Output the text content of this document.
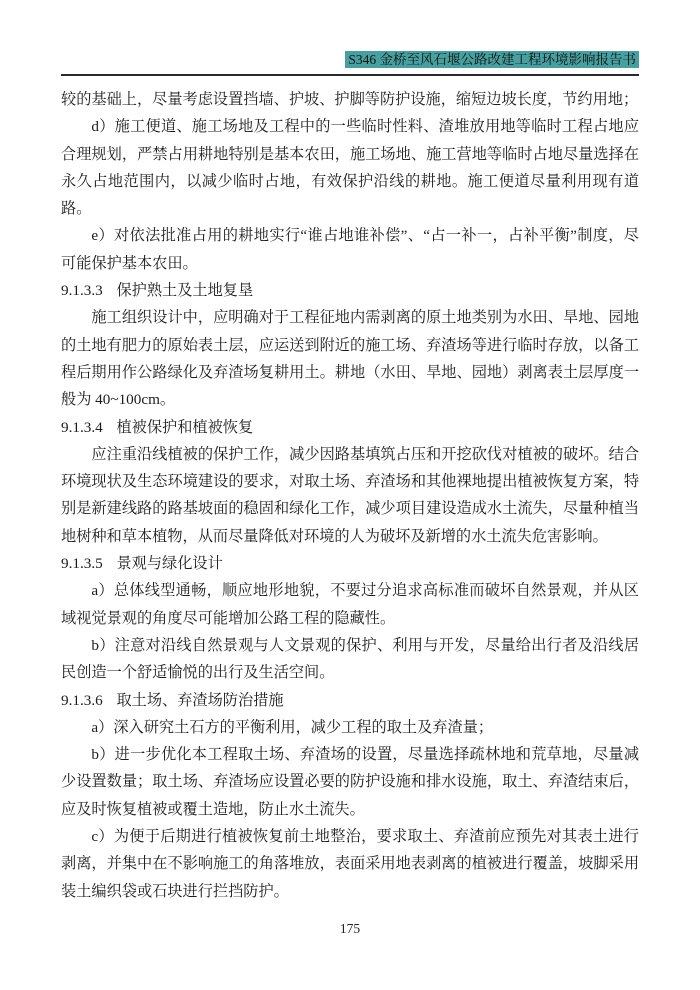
S346 金桥至风石堰公路改建工程环境影响报告书

较的基础上，尽量考虑设置挡墙、护坡、护脚等防护设施，缩短边坡长度，节约用地；

d）施工便道、施工场地及工程中的一些临时性料、渣堆放用地等临时工程占地应合理规划，严禁占用耕地特别是基本农田，施工场地、施工营地等临时占地尽量选择在永久占地范围内，以减少临时占地，有效保护沿线的耕地。施工便道尽量利用现有道路。

e）对依法批准占用的耕地实行“谁占地谁补偿”、“占一补一，占补平衡”制度，尽可能保护基本农田。

9.1.3.3 保护熟土及土地复垦

施工组织设计中，应明确对于工程征地内需剥离的原土地类别为水田、旱地、园地的土地有肥力的原始表土层，应运送到附近的施工场、弃渣场等进行临时存放，以备工程后期用作公路绿化及弃渣场复耕用土。耕地（水田、旱地、园地）剥离表土层厚度一般为 40~100cm。

9.1.3.4 植被保护和植被恢复

应注重沿线植被的保护工作，减少因路基填筑占压和开挖砍伐对植被的破坏。结合环境现状及生态环境建设的要求，对取土场、弃渣场和其他裸地提出植被恢复方案，特别是新建线路的路基坡面的稳固和绿化工作，减少项目建设造成水土流失，尽量种植当地树种和草本植物，从而尽量降低对环境的人为破坏及新增的水土流失危害影响。

9.1.3.5 景观与绿化设计

a）总体线型通畅，顺应地形地貌，不要过分追求高标准而破坏自然景观，并从区域视觉景观的角度尽可能增加公路工程的隐藏性。

b）注意对沿线自然景观与人文景观的保护、利用与开发，尽量给出行者及沿线居民创造一个舒适愉悦的出行及生活空间。

9.1.3.6 取土场、弃渣场防治措施

a）深入研究土石方的平衡利用，减少工程的取土及弃渣量；

b）进一步优化本工程取土场、弃渣场的设置，尽量选择疏林地和荒草地，尽量减少设置数量；取土场、弃渣场应设置必要的防护设施和排水设施，取土、弃渣结束后，应及时恢复植被或覆土造地，防止水土流失。

c）为便于后期进行植被恢复前土地整治，要求取土、弃渣前应预先对其表土进行剥离，并集中在不影响施工的角落堆放，表面采用地表剥离的植被进行覆盖，坡脚采用装土编织袋或石块进行拦挡防护。

175
